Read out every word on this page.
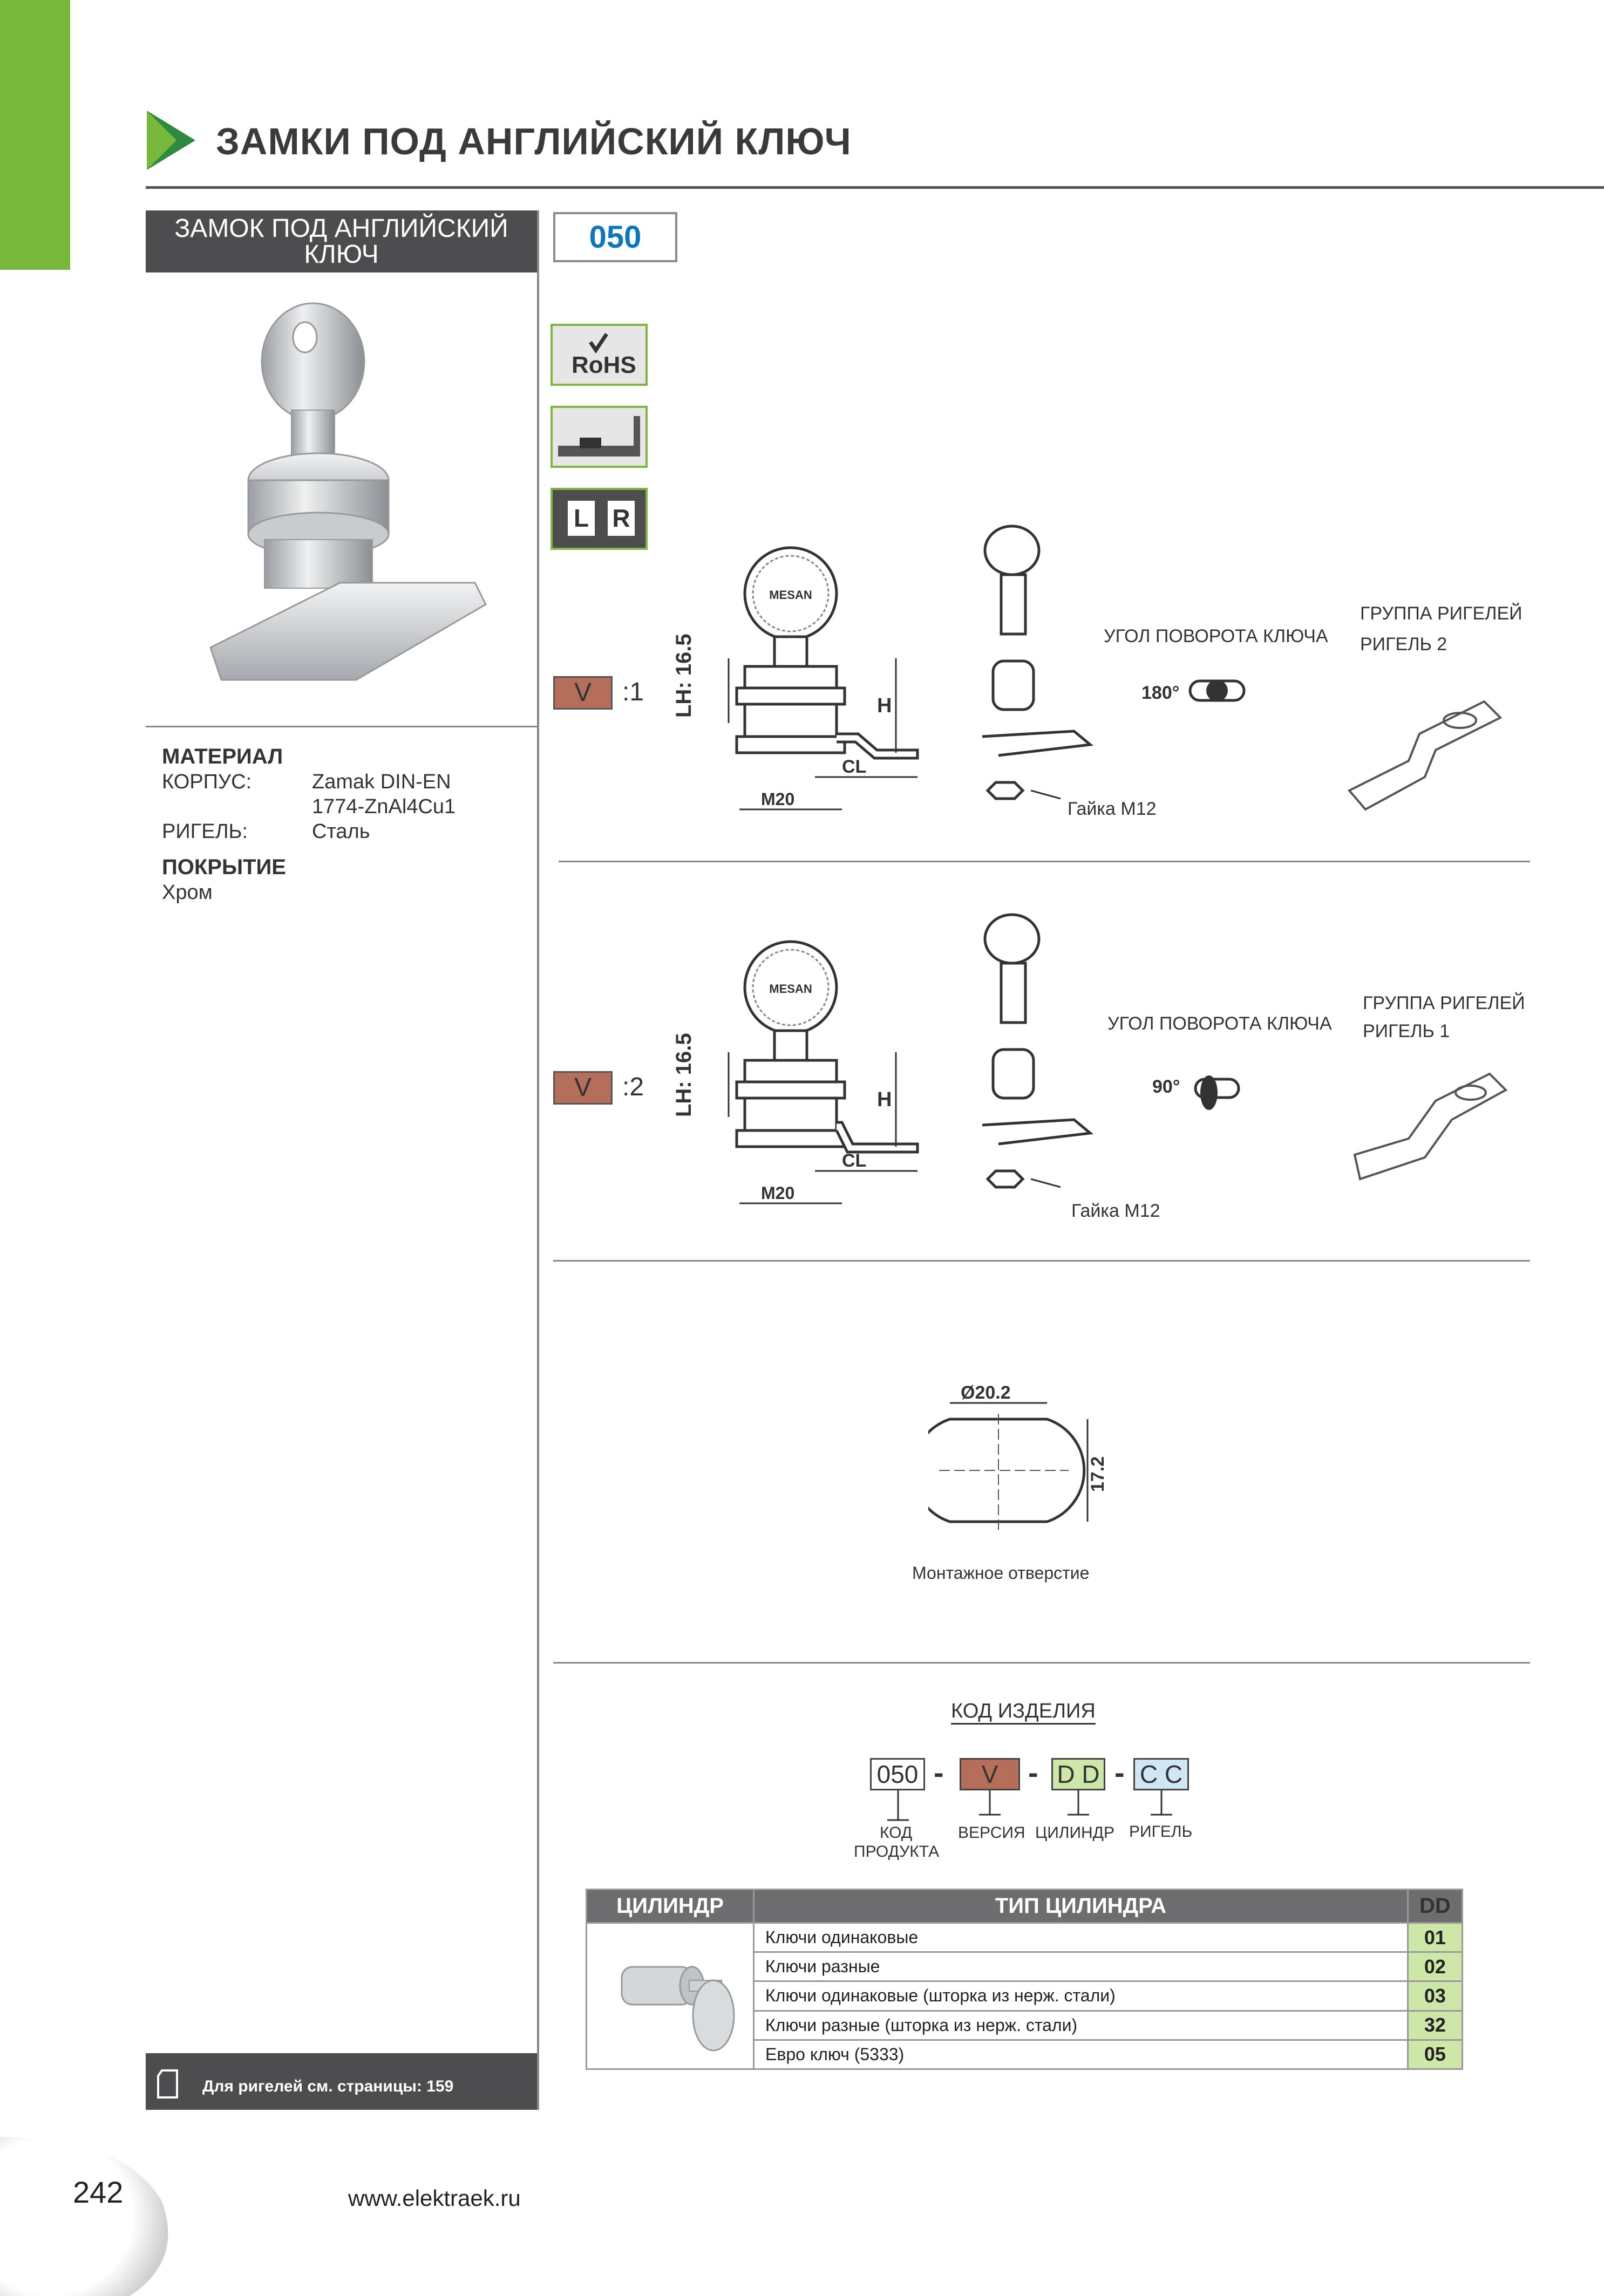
ЗАМКИ ПОД АНГЛИЙСКИЙ КЛЮЧ
ЗАМОК ПОД АНГЛИЙСКИЙ
КЛЮЧ	050
RoHS
L R
МАТЕРИАЛ
КОРПУС:	Zamak DIN-EN
1774-ZnAl4Cu1
РИГЕЛЬ:	Сталь
ПОКРЫТИЕ
Хром
V	:1 LH: 16.5	H
CL
M20
MESAN
Гайка M12
УГОЛ ПОВОРОТА КЛЮЧА
180°
ГРУППА РИГЕЛЕЙ
РИГЕЛЬ 2
V	:2 LH: 16.5	H
CL
M20
MESAN
Гайка M12
УГОЛ ПОВОРОТА КЛЮЧА
90°
ГРУППА РИГЕЛЕЙ
РИГЕЛЬ 1
Ø20.2
17.2
Монтажное отверстие
КОД ИЗДЕЛИЯ
050 -	V - D D - C C
КОД
ПРОДУКТА
ВЕРСИЯ ЦИЛИНДР РИГЕЛЬ
ЦИЛИНДР	ТИП ЦИЛИНДРА	DD
	Ключи одинаковые	01
	Ключи разные	02
	Ключи одинаковые (шторка из нерж. стали)	03
	Ключи разные (шторка из нерж. стали)	32
	Евро ключ (5333)	05
Для ригелей см. страницы: 159
242	www.elektraek.ru
